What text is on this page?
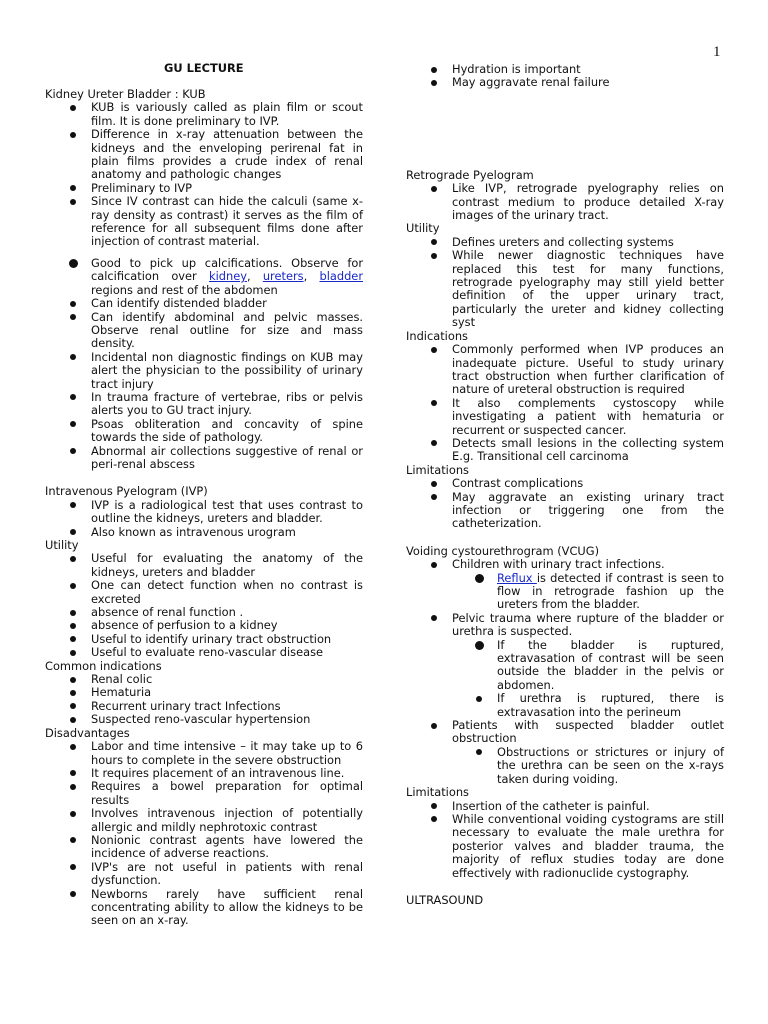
1
GU LECTURE
Kidney Ureter Bladder : KUB
KUB is variously called as plain film or scout film. It is done preliminary to IVP.
Difference in x-ray attenuation between the kidneys and the enveloping perirenal fat in plain films provides a crude index of renal anatomy and pathologic changes
Preliminary to IVP
Since IV contrast can hide the calculi (same x-ray density as contrast) it serves as the film of reference for all subsequent films done after injection of contrast material.
Good to pick up calcifications. Observe for calcification over kidney, ureters, bladder regions and rest of the abdomen
Can identify distended bladder
Can identify abdominal and pelvic masses. Observe renal outline for size and mass density.
Incidental non diagnostic findings on KUB may alert the physician to the possibility of urinary tract injury
In trauma fracture of vertebrae, ribs or pelvis alerts you to GU tract injury.
Psoas obliteration and concavity of spine towards the side of pathology.
Abnormal air collections suggestive of renal or peri-renal abscess
Intravenous Pyelogram (IVP)
IVP is a radiological test that uses contrast to outline the kidneys, ureters and bladder.
Also known as intravenous urogram
Utility
Useful for evaluating the anatomy of the kidneys, ureters and bladder
One can detect function when no contrast is excreted
absence of renal function .
absence of perfusion to a kidney
Useful to identify urinary tract obstruction
Useful to evaluate reno-vascular disease
Common indications
Renal colic
Hematuria
Recurrent urinary tract Infections
Suspected reno-vascular hypertension
Disadvantages
Labor and time intensive – it may take up to 6 hours to complete in the severe obstruction
It requires placement of an intravenous line.
Requires a bowel preparation for optimal results
Involves intravenous injection of potentially allergic and mildly nephrotoxic contrast
Nonionic contrast agents have lowered the incidence of adverse reactions.
IVP's are not useful in patients with renal dysfunction.
Newborns rarely have sufficient renal concentrating ability to allow the kidneys to be seen on an x-ray.
Hydration is important
May aggravate renal failure
Retrograde Pyelogram
Like IVP, retrograde pyelography relies on contrast medium to produce detailed X-ray images of the urinary tract.
Utility
Defines ureters and collecting systems
While newer diagnostic techniques have replaced this test for many functions, retrograde pyelography may still yield better definition of the upper urinary tract, particularly the ureter and kidney collecting syst
Indications
Commonly performed when IVP produces an inadequate picture. Useful to study urinary tract obstruction when further clarification of nature of ureteral obstruction is required
It also complements cystoscopy while investigating a patient with hematuria or recurrent or suspected cancer.
Detects small lesions in the collecting system E.g. Transitional cell carcinoma
Limitations
Contrast complications
May aggravate an existing urinary tract infection or triggering one from the catheterization.
Voiding cystourethrogram (VCUG)
Children with urinary tract infections.
Reflux is detected if contrast is seen to flow in retrograde fashion up the ureters from the bladder.
Pelvic trauma where rupture of the bladder or urethra is suspected.
If the bladder is ruptured, extravasation of contrast will be seen outside the bladder in the pelvis or abdomen.
If urethra is ruptured, there is extravasation into the perineum
Patients with suspected bladder outlet obstruction
Obstructions or strictures or injury of the urethra can be seen on the x-rays taken during voiding.
Limitations
Insertion of the catheter is painful.
While conventional voiding cystograms are still necessary to evaluate the male urethra for posterior valves and bladder trauma, the majority of reflux studies today are done effectively with radionuclide cystography.
ULTRASOUND
